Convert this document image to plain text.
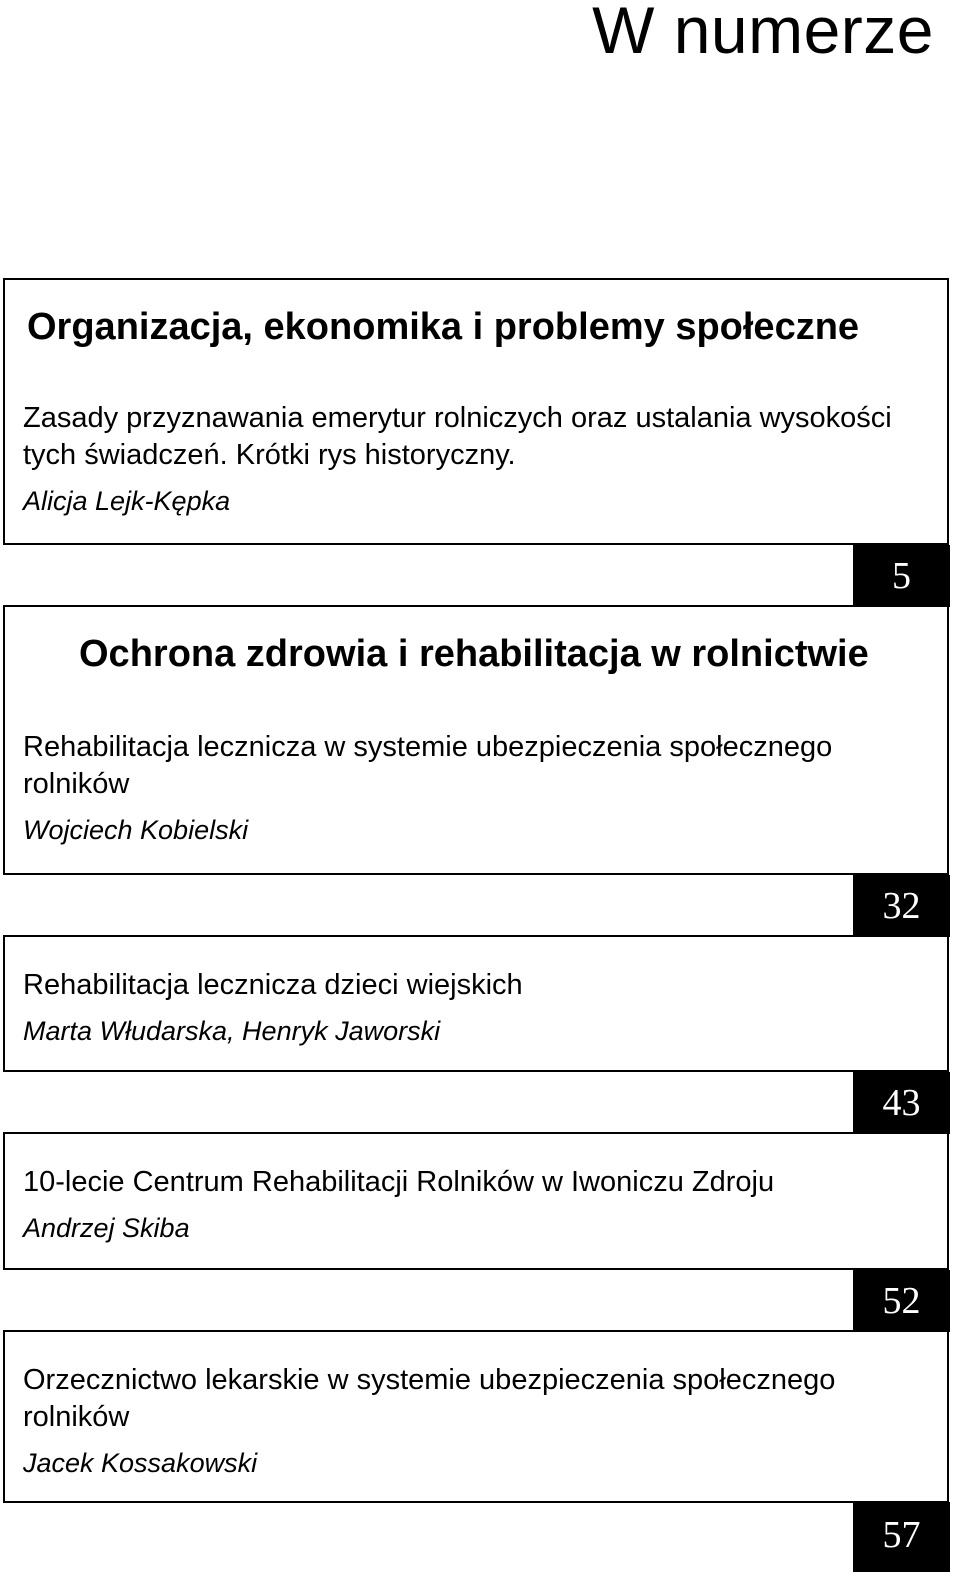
W numerze
Organizacja, ekonomika i problemy społeczne
Zasady przyznawania emerytur rolniczych oraz ustalania wysokości tych świadczeń. Krótki rys historyczny.
Alicja Lejk-Kępka
5
Ochrona zdrowia i rehabilitacja w rolnictwie
Rehabilitacja lecznicza w systemie ubezpieczenia społecznego rolników
Wojciech Kobielski
32
Rehabilitacja lecznicza dzieci wiejskich
Marta Włudarska, Henryk Jaworski
43
10-lecie Centrum Rehabilitacji Rolników w Iwoniczu Zdroju
Andrzej Skiba
52
Orzecznictwo lekarskie w systemie ubezpieczenia społecznego rolników
Jacek Kossakowski
57
